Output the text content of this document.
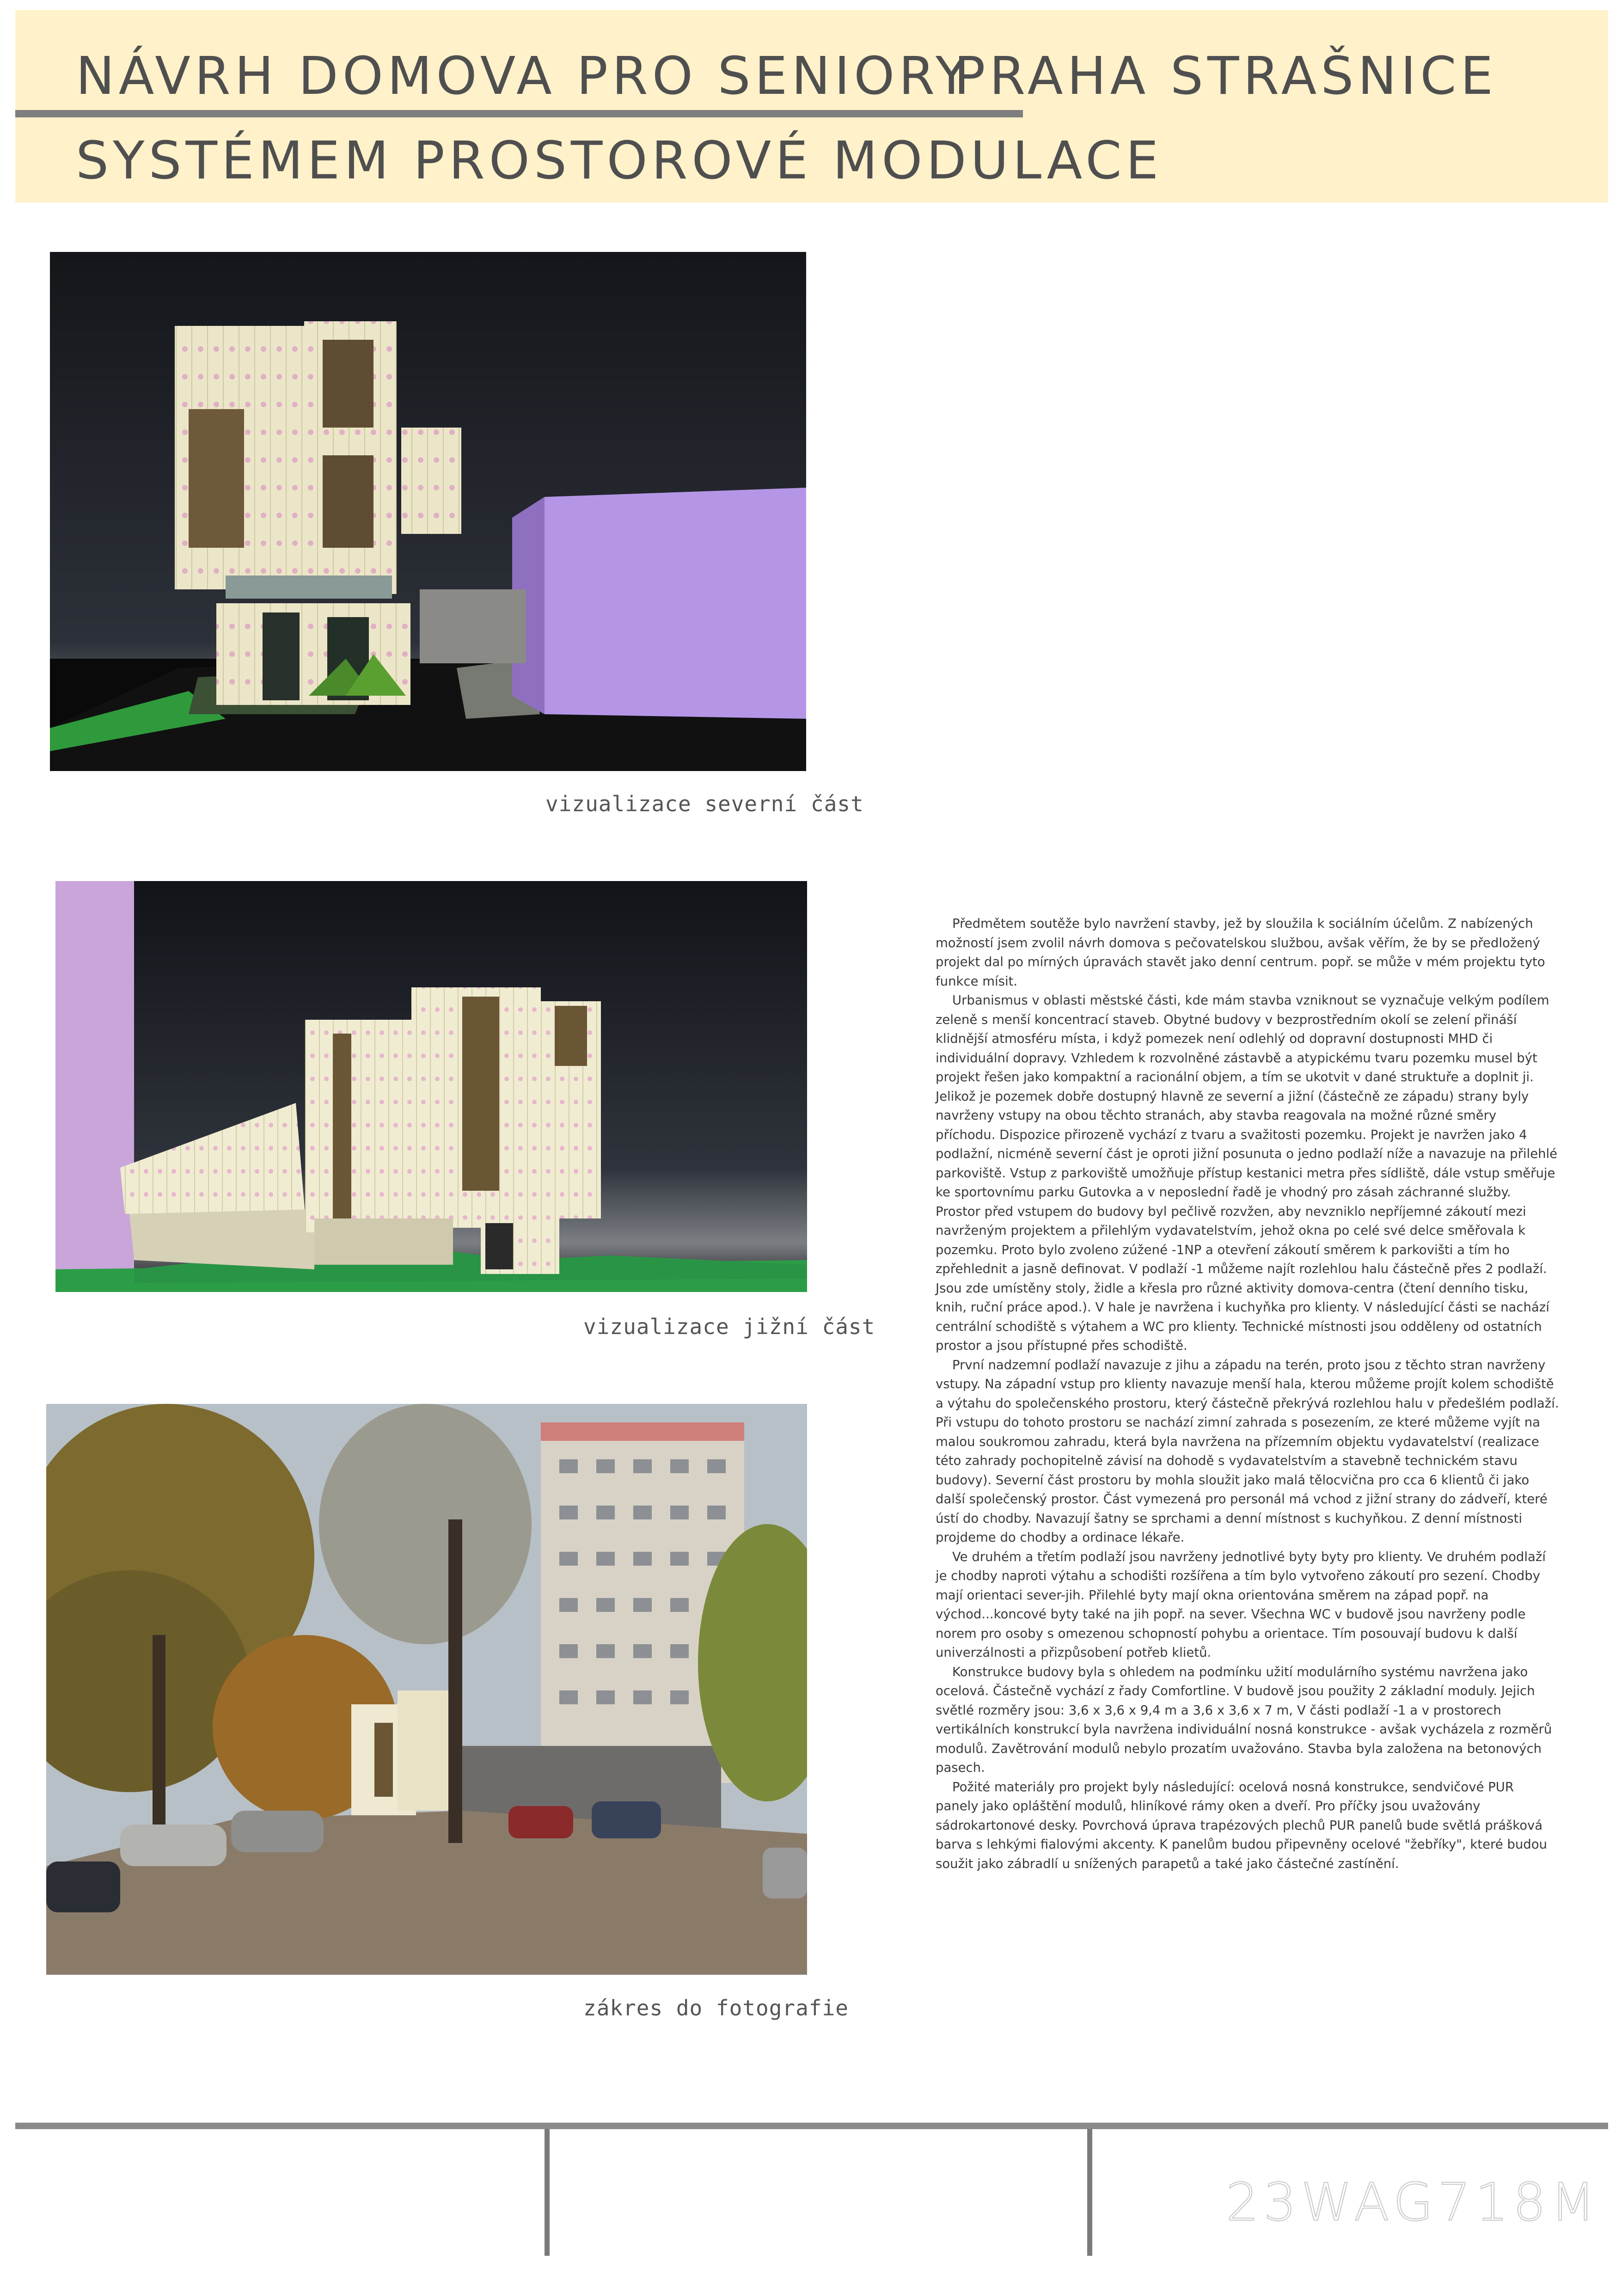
NÁVRH DOMOVA PRO SENIORY
PRAHA STRAŠNICE
SYSTÉMEM PROSTOROVÉ MODULACE
vizualizace severní část
vizualizace jižní část
zákres do fotografie

Předmětem soutěže bylo navržení stavby, jež by sloužila k sociálním účelům. Z nabízených možností jsem zvolil návrh domova s pečovatelskou službou, avšak věřím, že by se předložený projekt dal po mírných úpravách stavět jako denní centrum. popř. se může v mém projektu tyto funkce mísit.

Urbanismus v oblasti městské části, kde mám stavba vzniknout se vyznačuje velkým podílem zeleně s menší koncentrací staveb. Obytné budovy v bezprostředním okolí se zelení přináší klidnější atmosféru místa, i když pomezek není odlehlý od dopravní dostupnosti MHD či individuální dopravy. Vzhledem k rozvolněné zástavbě a atypickému tvaru pozemku musel být projekt řešen jako kompaktní a racionální objem, a tím se ukotvit v dané struktuře a doplnit ji. Jelikož je pozemek dobře dostupný hlavně ze severní a jižní (částečně ze západu) strany byly navrženy vstupy na obou těchto stranách, aby stavba reagovala na možné různé směry příchodu. Dispozice přirozeně vychází z tvaru a svažitosti pozemku. Projekt je navržen jako 4 podlažní, nicméně severní část je oproti jižní posunuta o jedno podlaží níže a navazuje na přilehlé parkoviště. Vstup z parkoviště umožňuje přístup kestanici metra přes sídliště, dále vstup směřuje ke sportovnímu parku Gutovka a v neposlední řadě je vhodný pro zásah záchranné služby. Prostor před vstupem do budovy byl pečlivě rozvžen, aby nevzniklo nepříjemné zákoutí mezi navrženým projektem a přilehlým vydavatelstvím, jehož okna po celé své delce směřovala k pozemku. Proto bylo zvoleno zúžené -1NP a otevření zákoutí směrem k parkovišti a tím ho zpřehlednit a jasně definovat. V podlaží -1 můžeme najít rozlehlou halu částečně přes 2 podlaží. Jsou zde umístěny stoly, židle a křesla pro různé aktivity domova-centra (čtení denního tisku, knih, ruční práce apod.). V hale je navržena i kuchyňka pro klienty. V následující části se nachází centrální schodiště s výtahem a WC pro klienty. Technické místnosti jsou odděleny od ostatních prostor a jsou přístupné přes schodiště.

První nadzemní podlaží navazuje z jihu a západu na terén, proto jsou z těchto stran navrženy vstupy. Na západní vstup pro klienty navazuje menší hala, kterou můžeme projít kolem schodiště a výtahu do společenského prostoru, který částečně překrývá rozlehlou halu v předešlém podlaží. Při vstupu do tohoto prostoru se nachází zimní zahrada s posezením, ze které můžeme vyjít na malou soukromou zahradu, která byla navržena na přízemním objektu vydavatelství (realizace této zahrady pochopitelně závisí na dohodě s vydavatelstvím a stavebně technickém stavu budovy). Severní část prostoru by mohla sloužit jako malá tělocvična pro cca 6 klientů či jako další společenský prostor. Část vymezená pro personál má vchod z jižní strany do zádveří, které ústí do chodby. Navazují šatny se sprchami a denní místnost s kuchyňkou. Z denní místnosti projdeme do chodby a ordinace lékaře.

Ve druhém a třetím podlaží jsou navrženy jednotlivé byty byty pro klienty. Ve druhém podlaží je chodby naproti výtahu a schodišti rozšířena a tím bylo vytvořeno zákoutí pro sezení. Chodby mají orientaci sever-jih. Přilehlé byty mají okna orientována směrem na západ popř. na východ...koncové byty také na jih popř. na sever. Všechna WC v budově jsou navrženy podle norem pro osoby s omezenou schopností pohybu a orientace. Tím posouvají budovu k další univerzálnosti a přizpůsobení potřeb klietů.

Konstrukce budovy byla s ohledem na podmínku užití modulárního systému navržena jako ocelová. Částečně vychází z řady Comfortline. V budově jsou použity 2 základní moduly. Jejich světlé rozměry jsou: 3,6 x 3,6 x 9,4 m a 3,6 x 3,6 x 7 m, V části podlaží -1 a v prostorech vertikálních konstrukcí byla navržena individuální nosná konstrukce - avšak vycházela z rozměrů modulů. Zavětrování modulů nebylo prozatím uvažováno. Stavba byla založena na betonových pasech.

Požité materiály pro projekt byly následující: ocelová nosná konstrukce, sendvičové PUR panely jako opláštění modulů, hliníkové rámy oken a dveří. Pro příčky jsou uvažovány sádrokartonové desky. Povrchová úprava trapézových plechů PUR panelů bude světlá prášková barva s lehkými fialovými akcenty. K panelům budou připevněny ocelové "žebříky", které budou soužit jako zábradlí u snížených parapetů a také jako částečné zastínění.

23WAG718M
